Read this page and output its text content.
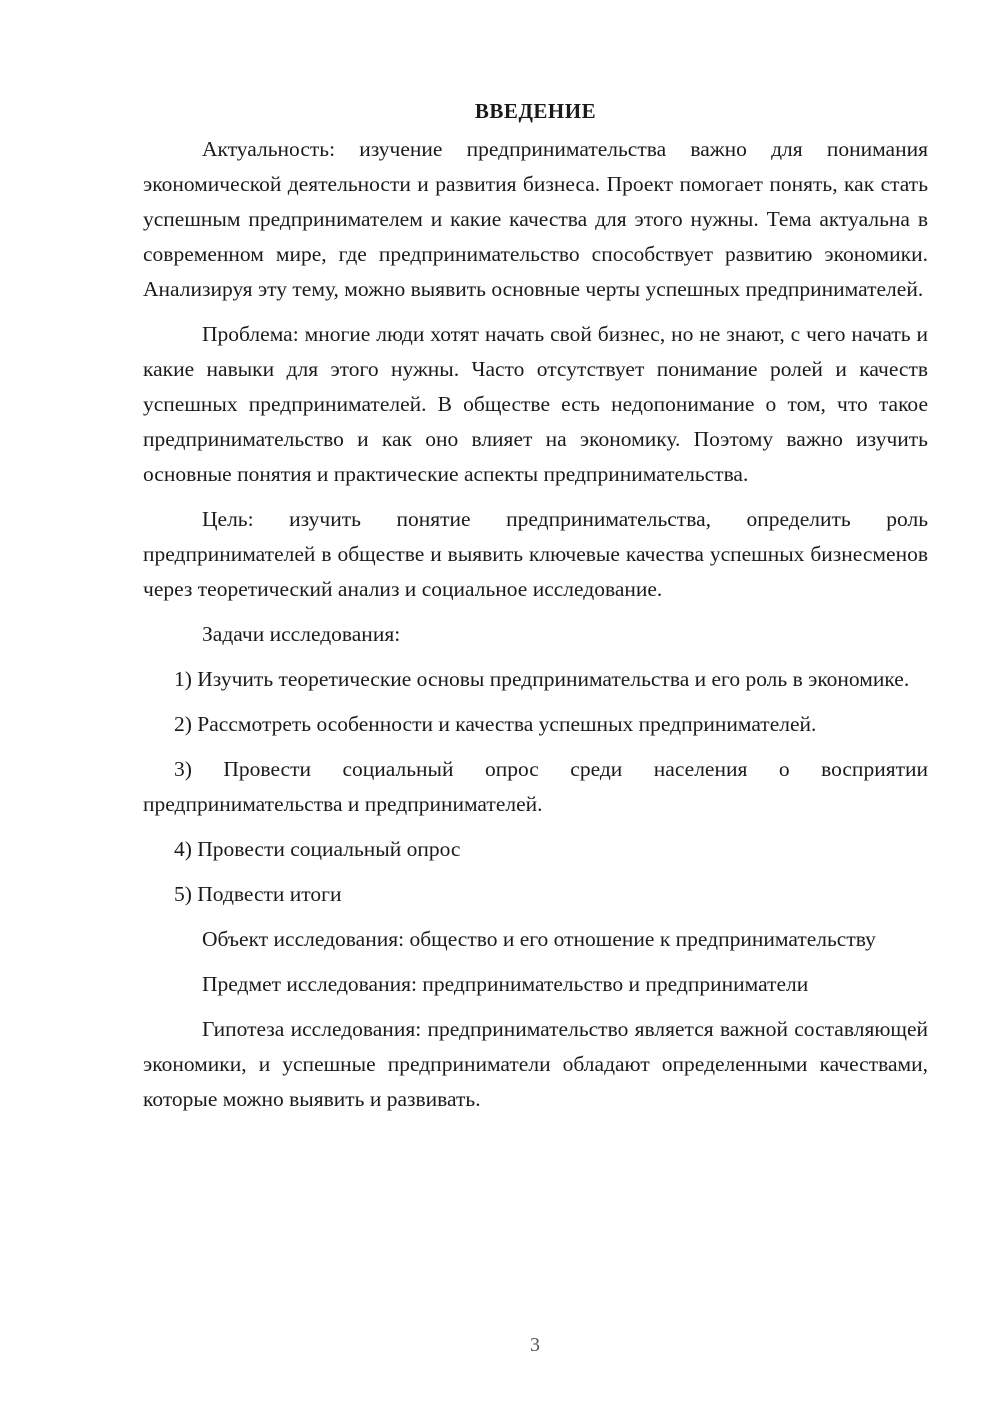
ВВЕДЕНИЕ

Актуальность: изучение предпринимательства важно для понимания экономической деятельности и развития бизнеса. Проект помогает понять, как стать успешным предпринимателем и какие качества для этого нужны. Тема актуальна в современном мире, где предпринимательство способствует развитию экономики. Анализируя эту тему, можно выявить основные черты успешных предпринимателей.

Проблема: многие люди хотят начать свой бизнес, но не знают, с чего начать и какие навыки для этого нужны. Часто отсутствует понимание ролей и качеств успешных предпринимателей. В обществе есть недопонимание о том, что такое предпринимательство и как оно влияет на экономику. Поэтому важно изучить основные понятия и практические аспекты предпринимательства.

Цель: изучить понятие предпринимательства, определить роль предпринимателей в обществе и выявить ключевые качества успешных бизнесменов через теоретический анализ и социальное исследование.

Задачи исследования:

1) Изучить теоретические основы предпринимательства и его роль в экономике.

2) Рассмотреть особенности и качества успешных предпринимателей.

3) Провести социальный опрос среди населения о восприятии предпринимательства и предпринимателей.

4) Провести социальный опрос

5) Подвести итоги

Объект исследования: общество и его отношение к предпринимательству

Предмет исследования: предпринимательство и предприниматели

Гипотеза исследования: предпринимательство является важной составляющей экономики, и успешные предприниматели обладают определенными качествами, которые можно выявить и развивать.

3
